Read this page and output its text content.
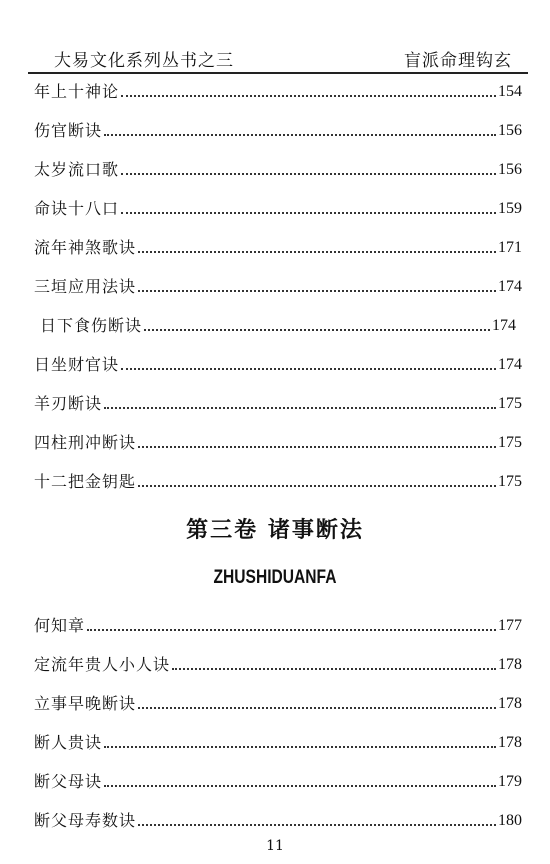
大易文化系列丛书之三	盲派命理钩玄
年上十神论	154
伤官断诀	156
太岁流口歌	156
命诀十八口	159
流年神煞歌诀	171
三垣应用法诀	174
日下食伤断诀	174
日坐财官诀	174
羊刃断诀	175
四柱刑冲断诀	175
十二把金钥匙	175
第三卷 诸事断法
ZHUSHIDUANFA
何知章	177
定流年贵人小人诀	178
立事早晚断诀	178
断人贵诀	178
断父母诀	179
断父母寿数诀	180
11
